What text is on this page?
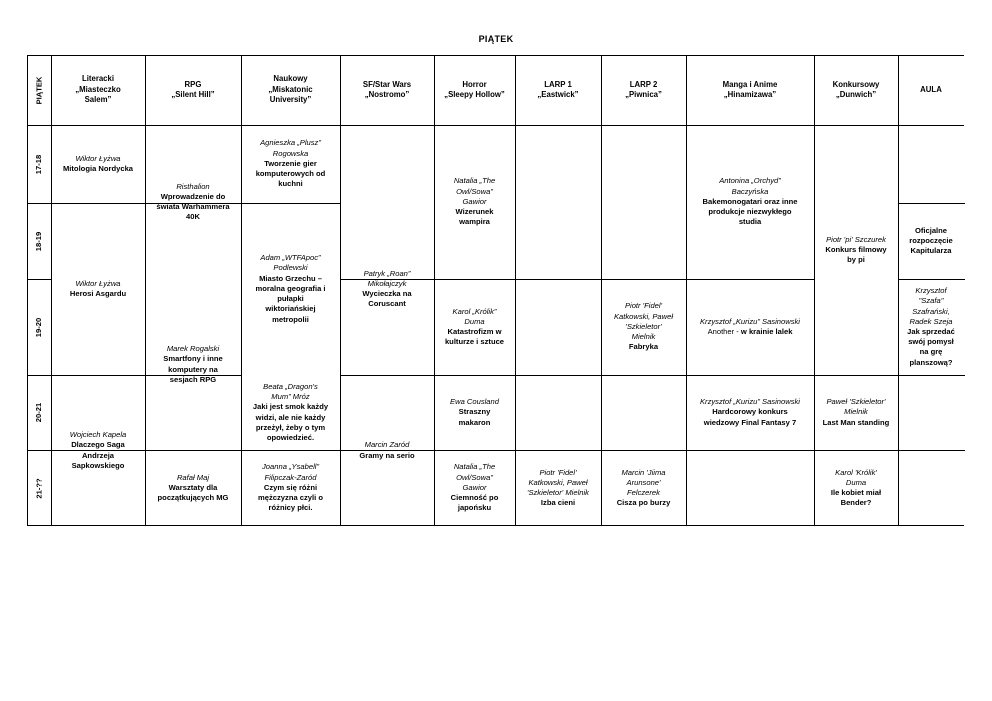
PIĄTEK
PIĄTEK
17-18
18-19
19-20
20-21
21-??
Literacki
„Miasteczko
Salem”
RPG
„Silent Hill”
Naukowy
„Miskatonic
University”
SF/Star Wars
„Nostromo”
Horror
„Sleepy Hollow”
LARP 1
„Eastwick”
LARP 2
„Piwnica”
Manga i Anime
„Hinamizawa”
Konkursowy
„Dunwich”
AULA
Wiktor Łyżwa
Mitologia Nordycka
Wiktor Łyżwa
Herosi Asgardu
Wojciech Kapela
Dlaczego Saga
Andrzeja
Sapkowskiego
Risthalion
Wprowadzenie do
świata Warhammera
40K
Marek Rogalski
Smartfony i inne
komputery na
sesjach RPG
Rafał Maj
Warsztaty dla
początkujących MG
Agnieszka „Plusz”
Rogowska
Tworzenie gier
komputerowych od
kuchni
Adam „WTFApoc”
Podlewski
Miasto Grzechu –
moralna geografia i
pułapki
wiktoriańskiej
metropolii
Beata „Dragon's
Mum” Mróz
Jaki jest smok każdy
widzi, ale nie każdy
przeżył, żeby o tym
opowiedzieć.
Joanna „Ysabell”
Filipczak-Zaród
Czym się różni
mężczyzna czyli o
różnicy płci.
Patryk „Roan”
Mikołajczyk
Wycieczka na
Coruscant
Marcin Zaród
Gramy na serio
Natalia „The
Owl/Sowa”
Gawior
Wizerunek
wampira
Karol „Królik”
Duma
Katastrofizm w
kulturze i sztuce
Ewa Cousland
Straszny
makaron
Natalia „The
Owl/Sowa”
Gawior
Ciemność po
japońsku
Piotr 'Fidel'
Katkowski, Paweł
'Szkieletor' Mielnik
Izba cieni
Piotr 'Fidel'
Katkowski, Paweł
'Szkieletor'
Mielnik
Fabryka
Marcin 'Jiima
Arunsone'
Felczerek
Cisza po burzy
Antonina „Orchyd”
Baczyńska
Bakemonogatari oraz inne
produkcje niezwykłego
studia
Krzysztof „Kurizu” Sasinowski
Another - w krainie lalek
Krzysztof „Kurizu” Sasinowski
Hardcorowy konkurs
wiedzowy Final Fantasy 7
Piotr 'pi' Szczurek
Konkurs filmowy
by pi
Paweł 'Szkieletor'
Mielnik
Last Man standing
Karol 'Królik'
Duma
Ile kobiet miał
Bender?
Oficjalne
rozpoczęcie
Kapitularza
Krzysztof
"Szafa"
Szafrański,
Radek Szeja
Jak sprzedać
swój pomysł
na grę
planszową?
